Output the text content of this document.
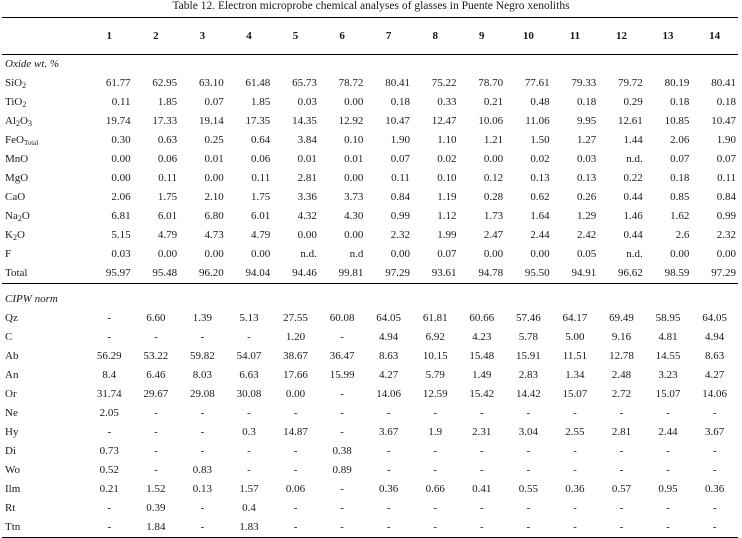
Table 12. Electron microprobe chemical analyses of glasses in Puente Negro xenoliths
	1	2	3	4	5	6	7	8	9	10	11	12	13	14
Oxide wt. %														
SiO$_2$	61.77	62.95	63.10	61.48	65.73	78.72	80.41	75.22	78.70	77.61	79.33	79.72	80.19	80.41
TiO$_2$	0.11	1.85	0.07	1.85	0.03	0.00	0.18	0.33	0.21	0.48	0.18	0.29	0.18	0.18
$Al_2O_3$	19.74	17.33	19.14	17.35	14.35	12.92	10.47	12.47	10.06	11.06	9.95	12.61	10.85	10.47
FeO$_{Total}$	0.30	0.63	0.25	0.64	3.84	0.10	1.90	1.10	1.21	1.50	1.27	1.44	2.06	1.90
MnO	0.00	0.06	0.01	0.06	0.01	0.01	0.07	0.02	0.00	0.02	0.03	n.d.	0.07	0.07
MgO	0.00	0.11	0.00	0.11	2.81	0.00	0.11	0.10	0.12	0.13	0.13	0.22	0.18	0.11
CaO	2.06	1.75	2.10	1.75	3.36	3.73	0.84	1.19	0.28	0.62	0.26	0.44	0.85	0.84
$Na_2O$	6.81	6.01	6.80	6.01	4.32	4.30	0.99	1.12	1.73	1.64	1.29	1.46	1.62	0.99
$K_2O$	5.15	4.79	4.73	4.79	0.00	0.00	2.32	1.99	2.47	2.44	2.42	0.44	2.6	2.32
F	0.03	0.00	0.00	0.00	n.d.	n.d	0.00	0.07	0.00	0.00	0.05	n.d.	0.00	0.00
Total	95.97	95.48	96.20	94.04	94.46	99.81	97.29	93.61	94.78	95.50	94.91	96.62	98.59	97.29

CIPW norm														
Qz	-	6.60	1.39	5.13	27.55	60.08	64.05	61.81	60.66	57.46	64.17	69.49	58.95	64.05
C	-	-	-	-	1.20	-	4.94	6.92	4.23	5.78	5.00	9.16	4.81	4.94
Ab	56.29	53.22	59.82	54.07	38.67	36.47	8.63	10.15	15.48	15.91	11.51	12.78	14.55	8.63
An	8.4	6.46	8.03	6.63	17.66	15.99	4.27	5.79	1.49	2.83	1.34	2.48	3.23	4.27
Or	31.74	29.67	29.08	30.08	0.00	-	14.06	12.59	15.42	14.42	15.07	2.72	15.07	14.06
Ne	2.05	-	-	-	-	-	-	-	-	-	-	-	-	-
Hy	-	-	-	0.3	14.87	-	3.67	1.9	2.31	3.04	2.55	2.81	2.44	3.67
Di	0.73	-	-	-	-	0.38	-	-	-	-	-	-	-	-
Wo	0.52	-	0.83	-	-	0.89	-	-	-	-	-	-	-	-
Ilm	0.21	1.52	0.13	1.57	0.06	-	0.36	0.66	0.41	0.55	0.36	0.57	0.95	0.36
Rt	-	0.39	-	0.4	-	-	-	-	-	-	-	-	-	-
Ttn	-	1.84	-	1.83	-	-	-	-	-	-	-	-	-	-
